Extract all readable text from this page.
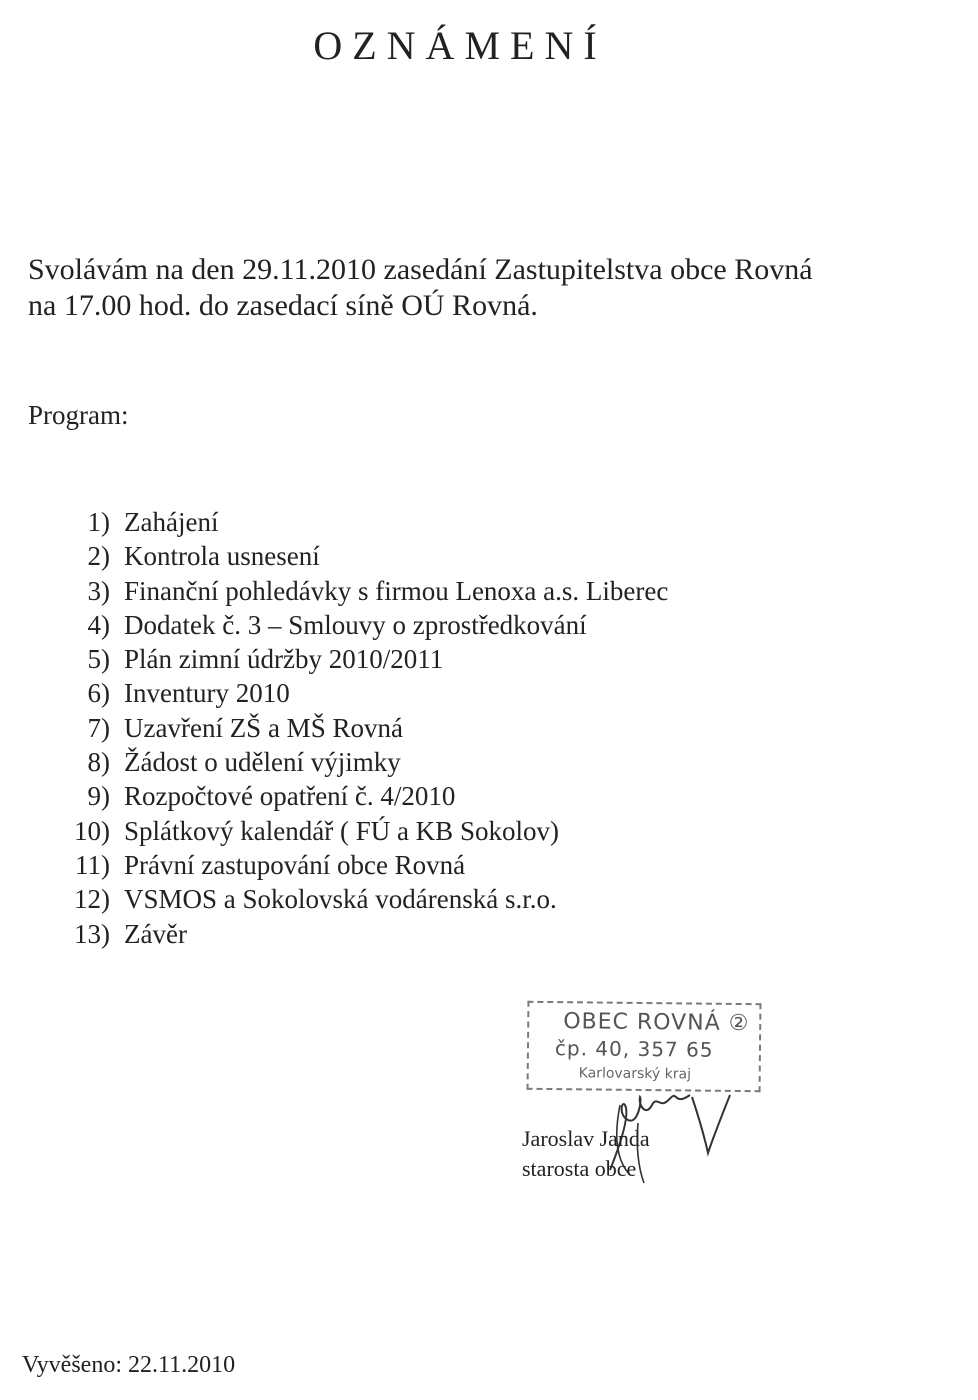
OZNÁMENÍ
Svolávám na den 29.11.2010 zasedání Zastupitelstva obce Rovná
na 17.00 hod. do zasedací síně OÚ Rovná.
Program:
1) Zahájení
2) Kontrola usnesení
3) Finanční pohledávky s firmou Lenoxa a.s. Liberec
4) Dodatek č. 3 – Smlouvy o zprostředkování
5) Plán zimní údržby 2010/2011
6) Inventury 2010
7) Uzavření ZŠ a MŠ Rovná
8) Žádost o udělení výjimky
9) Rozpočtové opatření č. 4/2010
10) Splátkový kalendář ( FÚ a KB Sokolov)
11) Právní zastupování obce Rovná
12) VSMOS a Sokolovská vodárenská s.r.o.
13) Závěr
OBEC ROVNÁ ②
čp. 40, 357 65
Karlovarský kraj
Jaroslav Janda
starosta obce
Vyvěšeno: 22.11.2010
